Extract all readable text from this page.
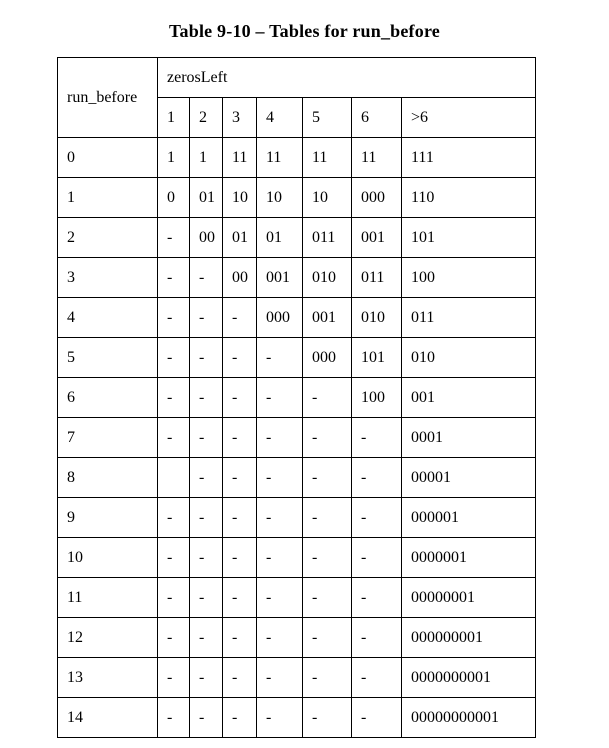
Table 9-10 – Tables for run_before
run_before	zerosLeft						
	1	2	3	4	5	6	>6
0	1	1	11	11	11	11	111
1	0	01	10	10	10	000	110
2	-	00	01	01	011	001	101
3	-	-	00	001	010	011	100
4	-	-	-	000	001	010	011
5	-	-	-	-	000	101	010
6	-	-	-	-	-	100	001
7	-	-	-	-	-	-	0001
8		-	-	-	-	-	00001
9	-	-	-	-	-	-	000001
10	-	-	-	-	-	-	0000001
11	-	-	-	-	-	-	00000001
12	-	-	-	-	-	-	000000001
13	-	-	-	-	-	-	0000000001
14	-	-	-	-	-	-	00000000001
